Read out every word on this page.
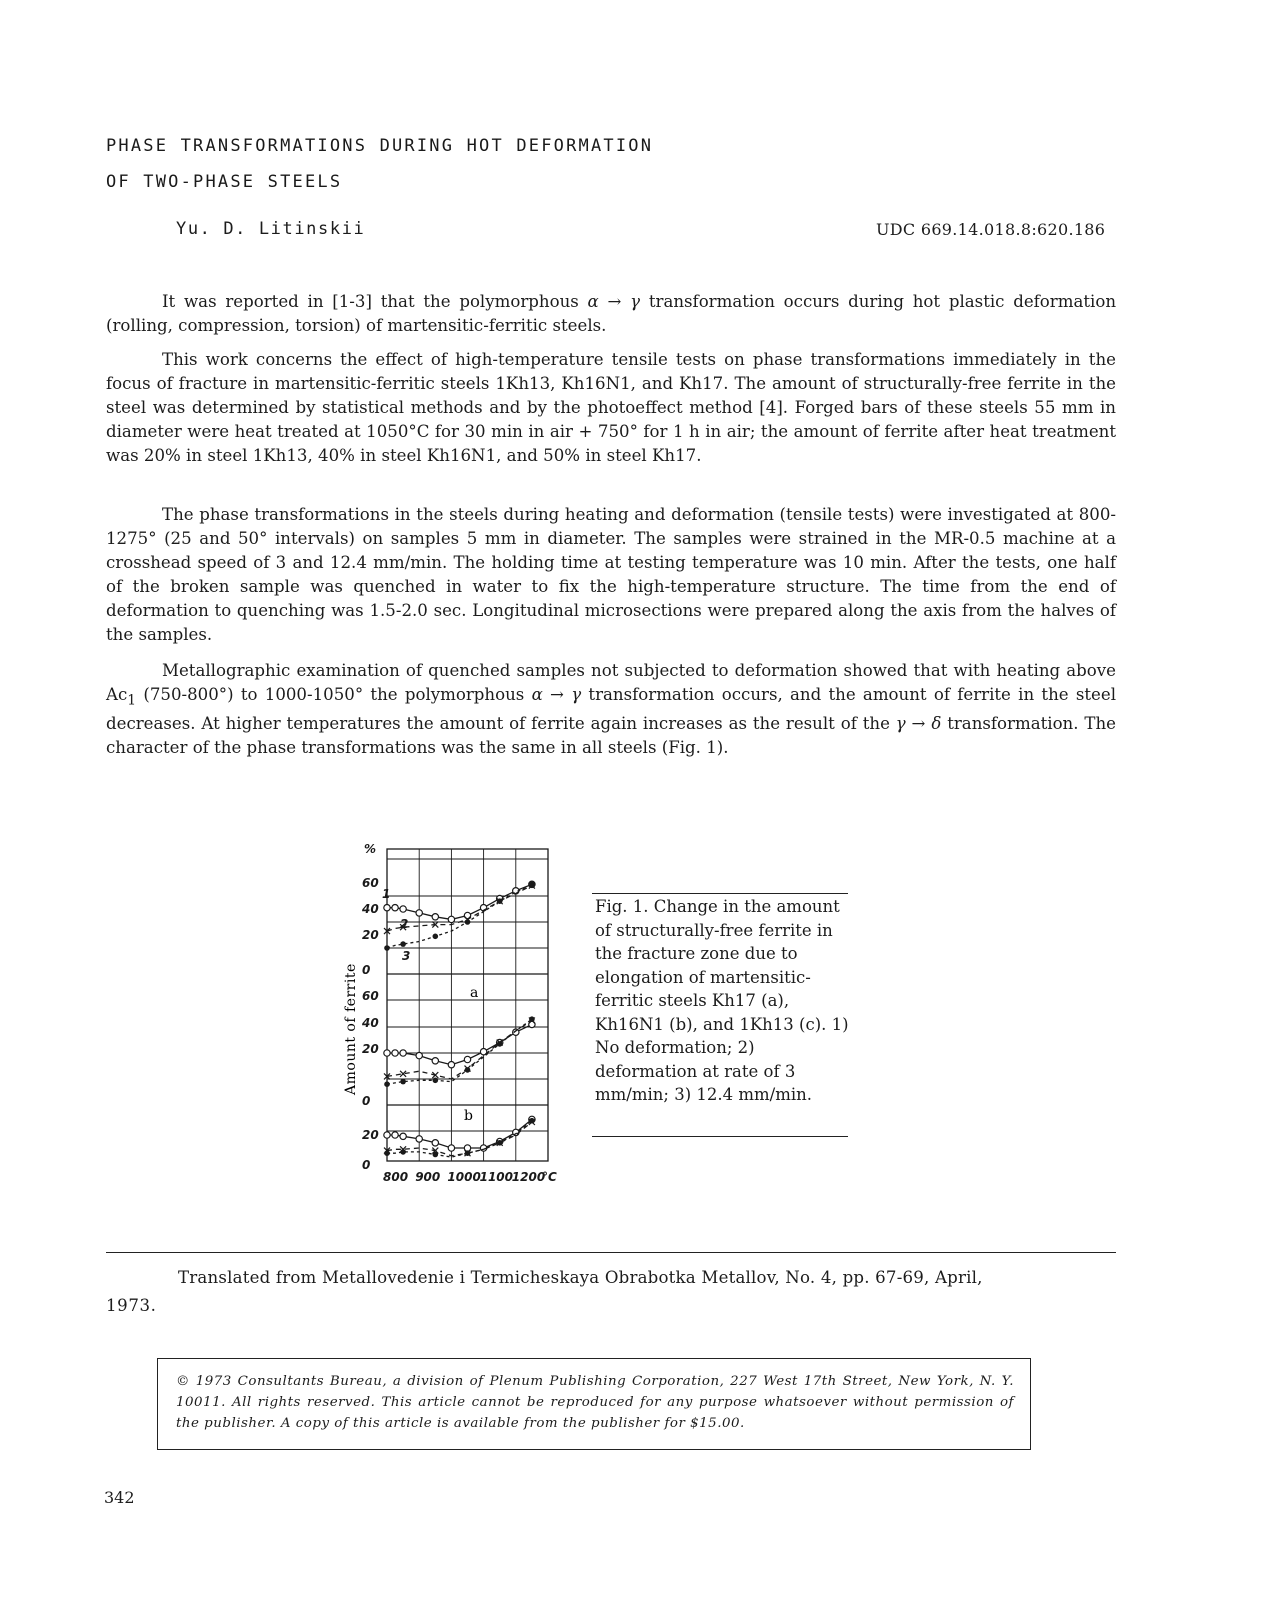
PHASE TRANSFORMATIONS DURING HOT DEFORMATION
OF TWO-PHASE STEELS
Yu. D. Litinskii	UDC 669.14.018.8:620.186

It was reported in [1-3] that the polymorphous α → γ transformation occurs during hot plastic deformation (rolling, compression, torsion) of martensitic-ferritic steels.

This work concerns the effect of high-temperature tensile tests on phase transformations immediately in the focus of fracture in martensitic-ferritic steels 1Kh13, Kh16N1, and Kh17. The amount of structurally-free ferrite in the steel was determined by statistical methods and by the photoeffect method [4]. Forged bars of these steels 55 mm in diameter were heat treated at 1050°C for 30 min in air + 750° for 1 h in air; the amount of ferrite after heat treatment was 20% in steel 1Kh13, 40% in steel Kh16N1, and 50% in steel Kh17.

The phase transformations in the steels during heating and deformation (tensile tests) were investigated at 800-1275° (25 and 50° intervals) on samples 5 mm in diameter. The samples were strained in the MR-0.5 machine at a crosshead speed of 3 and 12.4 mm/min. The holding time at testing temperature was 10 min. After the tests, one half of the broken sample was quenched in water to fix the high-temperature structure. The time from the end of deformation to quenching was 1.5-2.0 sec. Longitudinal microsections were prepared along the axis from the halves of the samples.

Metallographic examination of quenched samples not subjected to deformation showed that with heating above $Ac_1$ (750-800°) to 1000-1050° the polymorphous α → γ transformation occurs, and the amount of ferrite in the steel decreases. At higher temperatures the amount of ferrite again increases as the result of the γ → δ transformation. The character of the phase transformations was the same in all steels (Fig. 1).

%
a
b
1
2
3
Amount of ferrite
60
40
20
0
60
40
20
0
20
0
800 900 1000
1100
1200
°C
Fig. 1. Change in the amount of structurally-free ferrite in the fracture zone due to elongation of martensitic-ferritic steels Kh17 (a), Kh16N1 (b), and 1Kh13 (c). 1) No deformation; 2) deformation at rate of 3 mm/min; 3) 12.4 mm/min.
Translated from Metallovedenie i Termicheskaya Obrabotka Metallov, No. 4, pp. 67-69, April,
1973.
© 1973 Consultants Bureau, a division of Plenum Publishing Corporation, 227 West 17th Street, New York, N. Y. 10011. All rights reserved. This article cannot be reproduced for any purpose whatsoever without permission of the publisher. A copy of this article is available from the publisher for $15.00.
342
